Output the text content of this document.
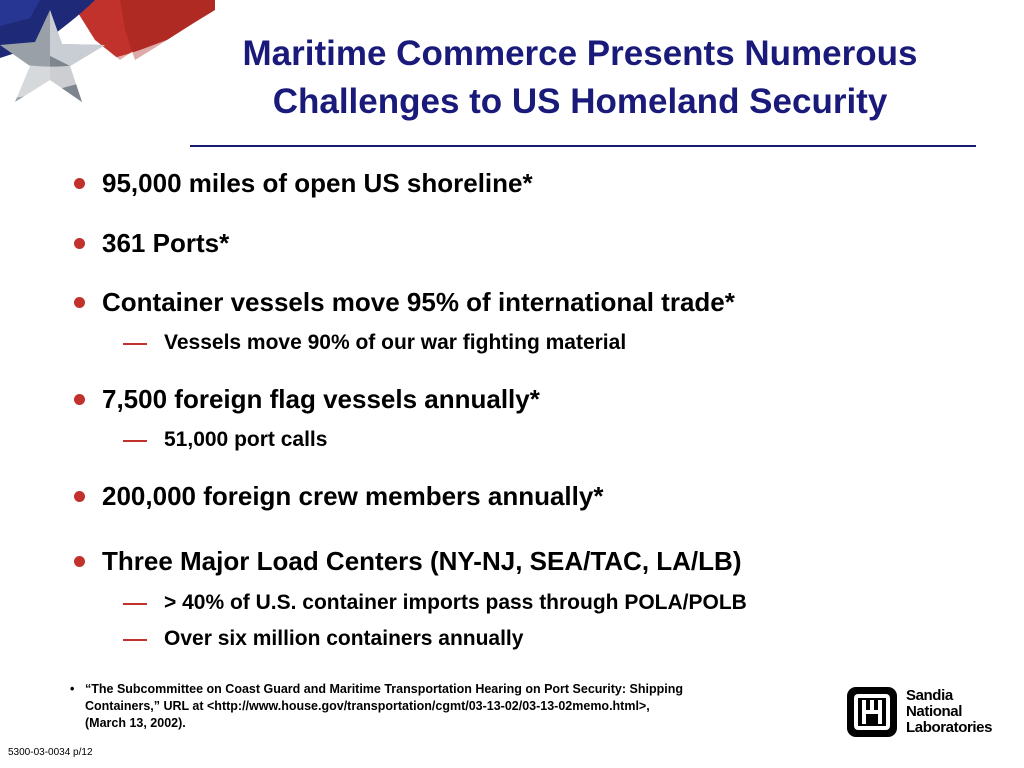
Maritime Commerce Presents Numerous
Challenges to US Homeland Security
95,000 miles of open US shoreline*
361 Ports*
Container vessels move 95% of international trade*
Vessels move 90% of our war fighting material
7,500 foreign flag vessels annually*
51,000 port calls
200,000 foreign crew members annually*
Three Major Load Centers (NY-NJ, SEA/TAC, LA/LB)
> 40% of U.S. container imports pass through POLA/POLB
Over six million containers annually
• “The Subcommittee on Coast Guard and Maritime Transportation Hearing on Port Security: Shipping
Containers,” URL at <http://www.house.gov/transportation/cgmt/03-13-02/03-13-02memo.html>,
(March 13, 2002).
5300-03-0034 p/12
Sandia
National
Laboratories
